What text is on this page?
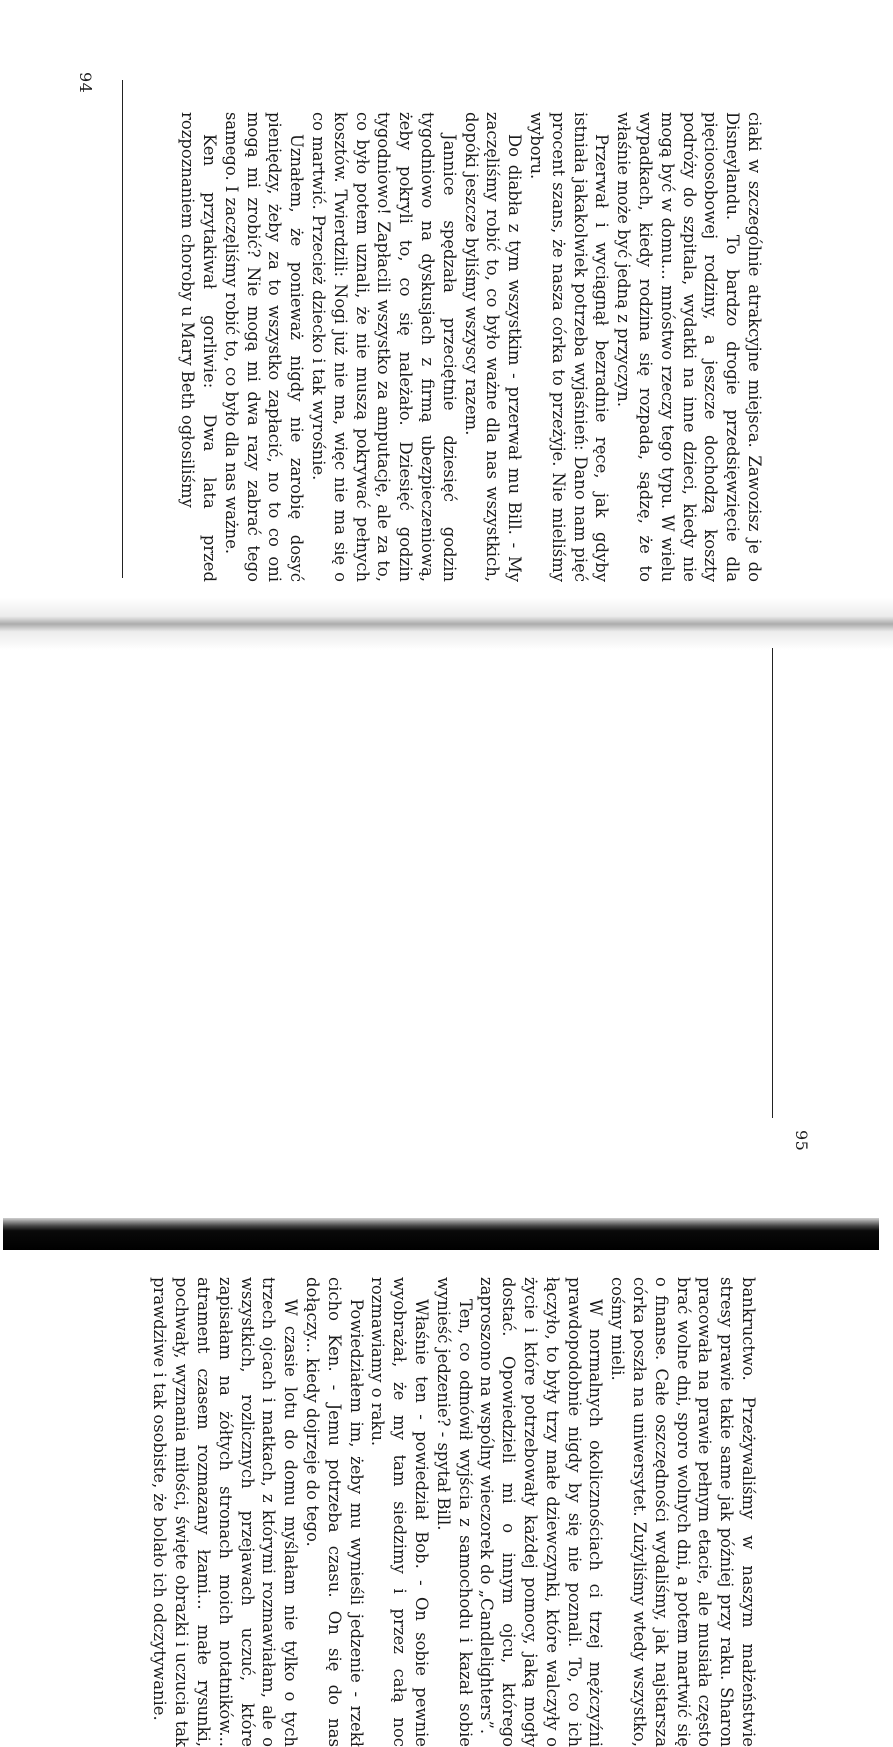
94

ciaki w szczególnie atrakcyjne miejsca. Zawozisz je do Disneylandu. To bardzo drogie przedsięwzięcie dla pięcioosobowej rodziny, a jeszcze dochodzą koszty podróży do szpitala, wydatki na inne dzieci, kiedy nie mogą być w domu... mnóstwo rzeczy tego typu. W wielu wypadkach, kiedy rodzina się rozpada, sądzę, że to właśnie może być jedną z przyczyn.

Przerwał i wyciągnął bezradnie ręce, jak gdyby istniała jakakolwiek potrzeba wyjaśnień: Dano nam pięć procent szans, że nasza córka to przeżyje. Nie mieliśmy wyboru.

Do diabła z tym wszystkim - przerwał mu Bill. - My zaczęliśmy robić to, co było ważne dla nas wszystkich, dopóki jeszcze byliśmy wszyscy razem.

Jannice spędzała przeciętnie dziesięć godzin tygodniowo na dyskusjach z firmą ubezpieczeniową, żeby pokryli to, co się należało. Dziesięć godzin tygodniowo! Zapłacili wszystko za amputację, ale za to, co było potem uznali, że nie muszą pokrywać pełnych kosztów. Twierdzili: Nogi już nie ma, więc nie ma się o co martwić. Przecież dziecko i tak wyrośnie.

Uznałem, że ponieważ nigdy nie zarobię dosyć pieniędzy, żeby za to wszystko zapłacić, no to co oni mogą mi zrobić? Nie mogą mi dwa razy zabrać tego samego. I zaczęliśmy robić to, co było dla nas ważne.

Ken przytakiwał gorliwie: Dwa lata przed rozpoznaniem choroby u Mary Beth ogłosiliśmy

bankructwo. Przeżywaliśmy w naszym małżeństwie stresy prawie takie same jak później przy raku. Sharon pracowała na prawie pełnym etacie, ale musiała często brać wolne dni, sporo wolnych dni, a potem martwić się o finanse. Całe oszczędności wydaliśmy, jak najstarsza córka poszła na uniwersytet. Zużyliśmy wtedy wszystko, cośmy mieli.

W normalnych okolicznościach ci trzej mężczyźni prawdopodobnie nigdy by się nie poznali. To, co ich łączyło, to były trzy małe dziewczynki, które walczyły o życie i które potrzebowały każdej pomocy, jaką mogły dostać. Opowiedzieli mi o innym ojcu, którego zaproszono na wspólny wieczorek do „Candlelighters”.

Ten, co odmówił wyjścia z samochodu i kazał sobie wynieść jedzenie? - spytał Bill.

Właśnie ten - powiedział Bob. - On sobie pewnie wyobrażał, że my tam siedzimy i przez całą noc rozmawiamy o raku.

Powiedziałem im, żeby mu wynieśli jedzenie - rzekł cicho Ken. - Jemu potrzeba czasu. On się do nas dołączy... kiedy dojrzeje do tego.

W czasie lotu do domu myślałam nie tylko o tych trzech ojcach i matkach, z którymi rozmawiałam, ale o wszystkich, rozlicznych przejawach uczuć, które zapisałam na żółtych stronach moich notatników... atrament czasem rozmazany łzami... małe rysunki, pochwały, wyznania miłości, święte obrazki i uczucia tak prawdziwe i tak osobiste, że bolało ich odczytywanie.

95
